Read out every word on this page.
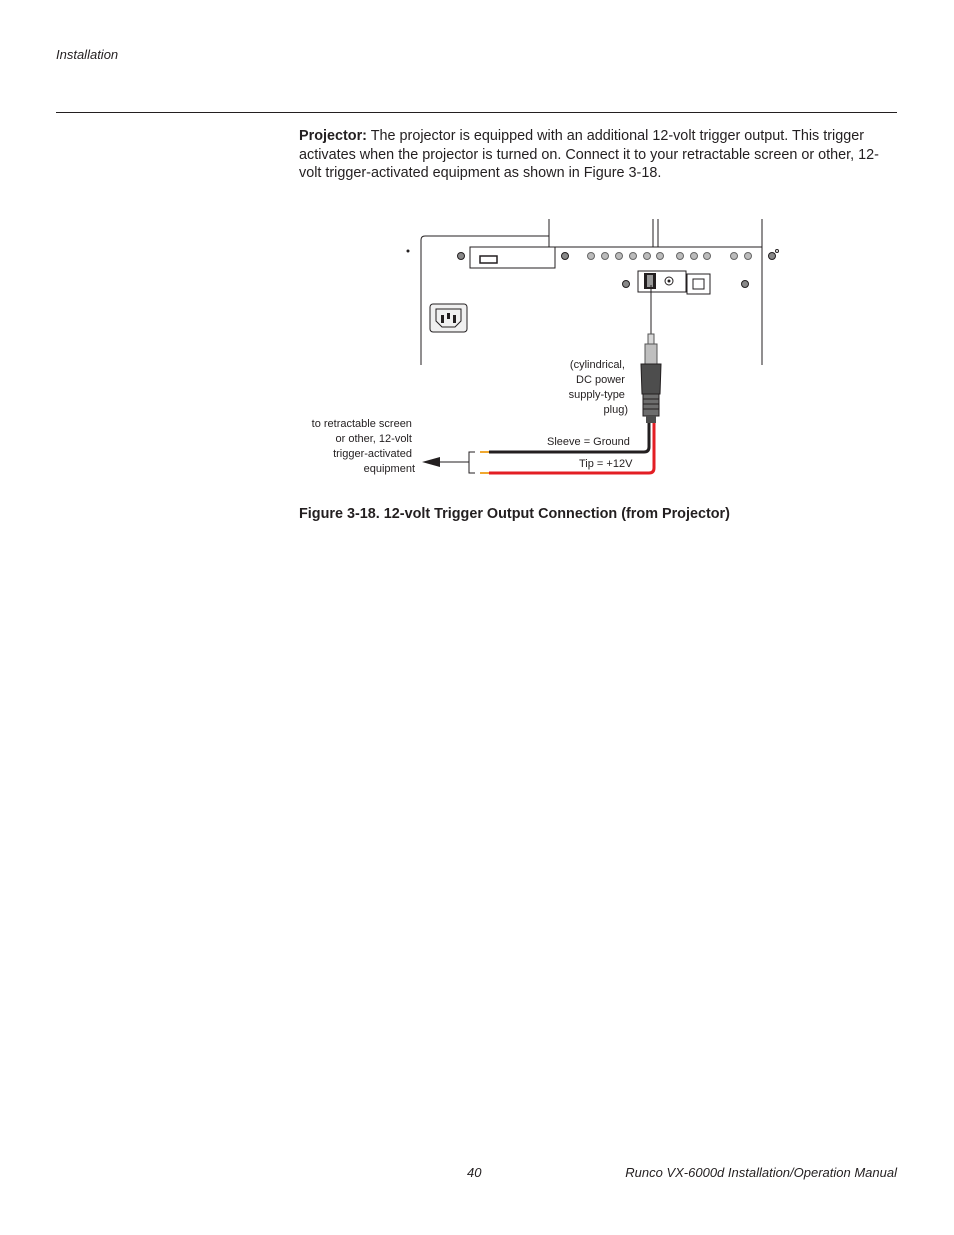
Installation

Projector: The projector is equipped with an additional 12-volt trigger output. This trigger activates when the projector is turned on. Connect it to your retractable screen or other, 12-volt trigger-activated equipment as shown in Figure 3-18.

(cylindrical, DC power supply-type plug)
to retractable screen or other, 12-volt trigger-activated equipment
Sleeve = Ground
Tip = +12V
Figure 3-18. 12-volt Trigger Output Connection (from Projector)
40	Runco VX-6000d Installation/Operation Manual
